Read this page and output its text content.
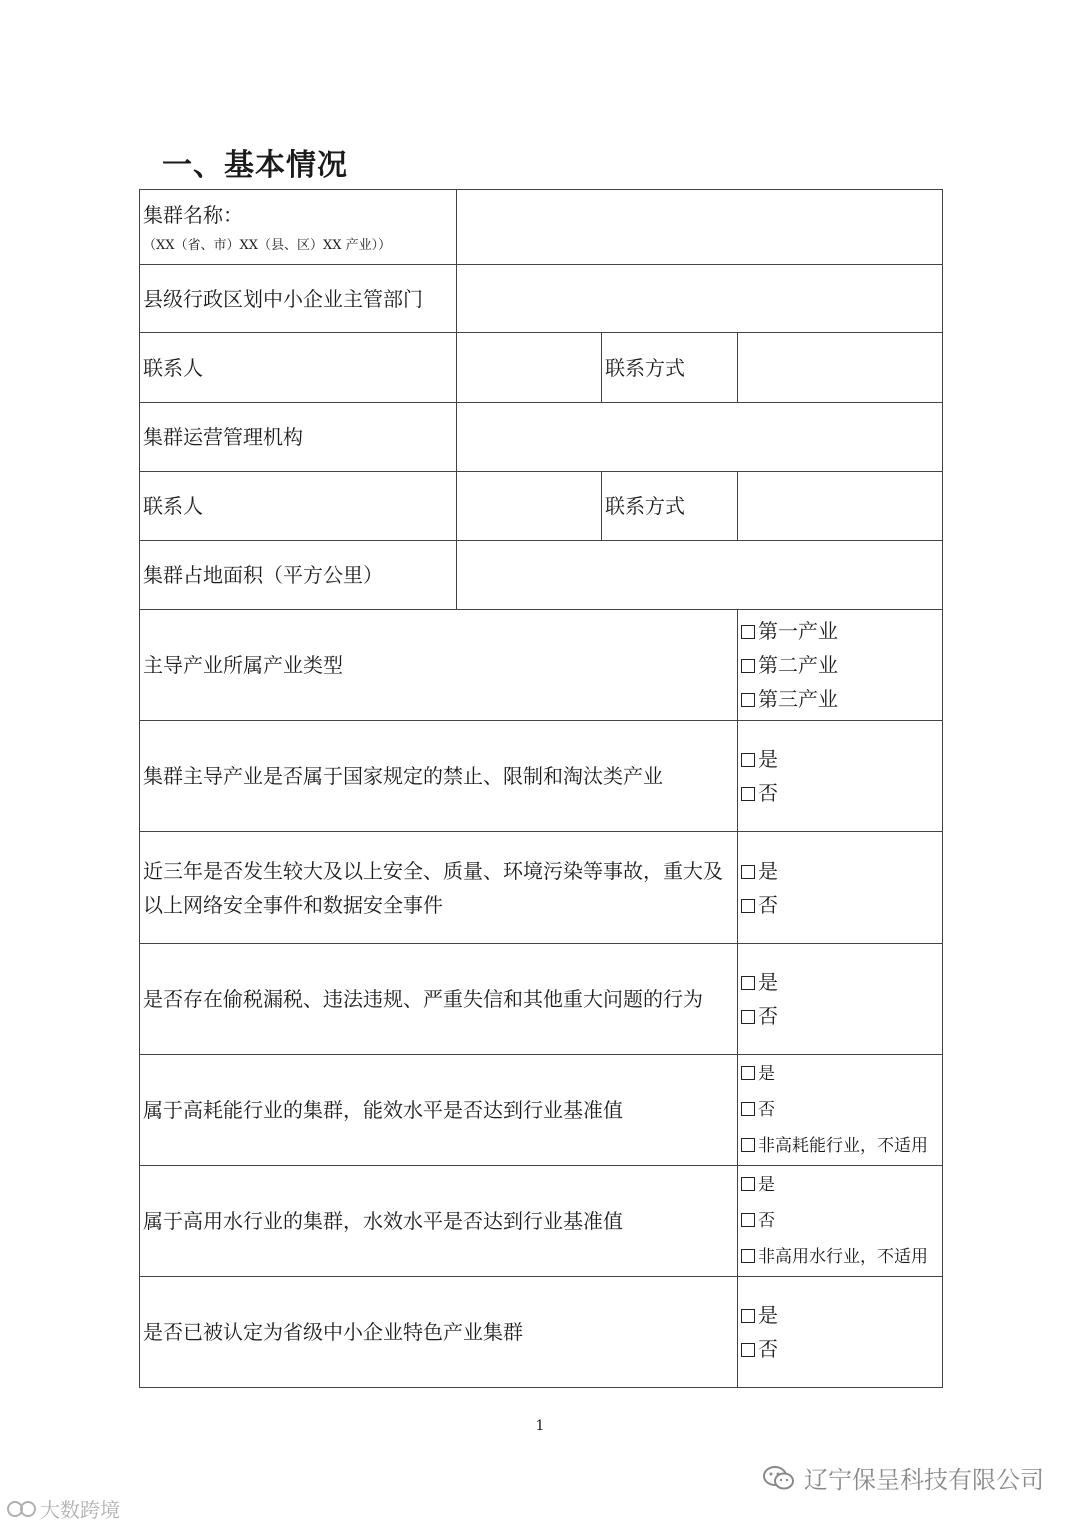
一、基本情况
集群名称：
（XX（省、市）XX（县、区）XX 产业））			

县级行政区划中小企业主管部门			
联系人		联系方式	
集群运营管理机构			
联系人		联系方式	
集群占地面积（平方公里）			
主导产业所属产业类型			第一产业
第二产业
第三产业

集群主导产业是否属于国家规定的禁止、限制和淘汰类产业			是
否

近三年是否发生较大及以上安全、质量、环境污染等事故，重大及以上网络安全事件和数据安全事件			是
否

是否存在偷税漏税、违法违规、严重失信和其他重大问题的行为			是
否

属于高耗能行业的集群，能效水平是否达到行业基准值			是
否
非高耗能行业，不适用

属于高用水行业的集群，水效水平是否达到行业基准值			是
否
非高用水行业，不适用

是否已被认定为省级中小企业特色产业集群			是
否
1
辽宁保呈科技有限公司
大数跨境
